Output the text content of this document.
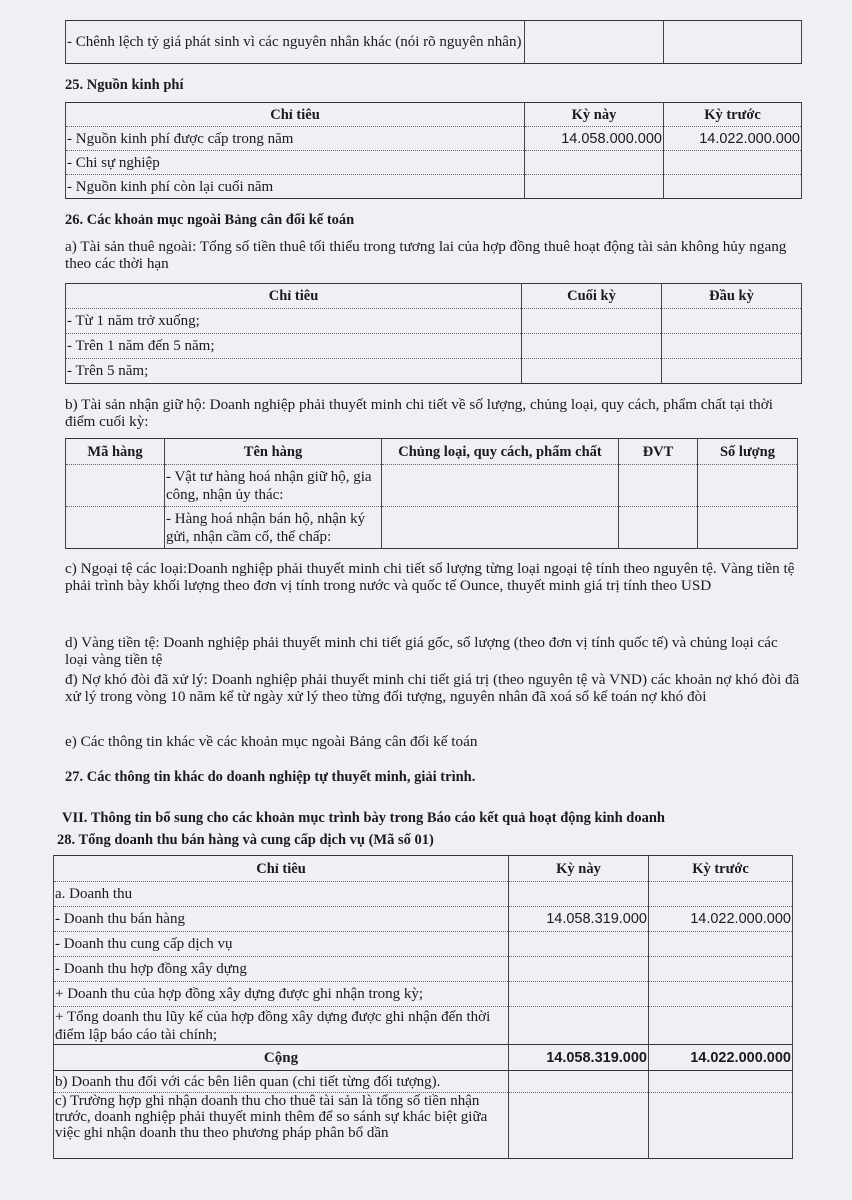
- Chênh lệch tỷ giá phát sinh vì các nguyên nhân khác (nói rõ nguyên nhân)		
25. Nguồn kinh phí
Chỉ tiêu	Kỳ này	Kỳ trước
- Nguồn kinh phí được cấp trong năm	14.058.000.000	14.022.000.000
- Chi sự nghiệp		
- Nguồn kinh phí còn lại cuối năm		
26. Các khoản mục ngoài Bảng cân đối kế toán
a) Tài sản thuê ngoài: Tổng số tiền thuê tối thiểu trong tương lai của hợp đồng thuê hoạt động tài sản không hủy ngang theo các thời hạn
Chỉ tiêu	Cuối kỳ	Đầu kỳ
- Từ 1 năm trở xuống;		
- Trên 1 năm đến 5 năm;		
- Trên 5 năm;		
b) Tài sản nhận giữ hộ: Doanh nghiệp phải thuyết minh chi tiết về số lượng, chủng loại, quy cách, phẩm chất tại thời điểm cuối kỳ:
Mã hàng	Tên hàng	Chủng loại, quy cách, phẩm chất	ĐVT	Số lượng
	- Vật tư hàng hoá nhận giữ hộ, gia công, nhận ủy thác:			
	- Hàng hoá nhận bán hộ, nhận ký gửi, nhận cầm cố, thế chấp:			
c) Ngoại tệ các loại:Doanh nghiệp phải thuyết minh chi tiết số lượng từng loại ngoại tệ tính theo nguyên tệ. Vàng tiền tệ phải trình bày khối lượng theo đơn vị tính trong nước và quốc tế Ounce, thuyết minh giá trị tính theo USD
d) Vàng tiền tệ: Doanh nghiệp phải thuyết minh chi tiết giá gốc, số lượng (theo đơn vị tính quốc tế) và chủng loại các loại vàng tiền tệ
đ) Nợ khó đòi đã xử lý: Doanh nghiệp phải thuyết minh chi tiết giá trị (theo nguyên tệ và VND) các khoản nợ khó đòi đã xử lý trong vòng 10 năm kể từ ngày xử lý theo từng đối tượng, nguyên nhân đã xoá sổ kế toán nợ khó đòi
e) Các thông tin khác về các khoản mục ngoài Bảng cân đối kế toán
27. Các thông tin khác do doanh nghiệp tự thuyết minh, giải trình.
VII. Thông tin bổ sung cho các khoản mục trình bày trong Báo cáo kết quả hoạt động kinh doanh
28. Tổng doanh thu bán hàng và cung cấp dịch vụ (Mã số 01)
Chỉ tiêu	Kỳ này	Kỳ trước
a. Doanh thu		
- Doanh thu bán hàng	14.058.319.000	14.022.000.000
- Doanh thu cung cấp dịch vụ		
- Doanh thu hợp đồng xây dựng		
+ Doanh thu của hợp đồng xây dựng được ghi nhận trong kỳ;		
+ Tổng doanh thu lũy kế của hợp đồng xây dựng được ghi nhận đến thời điểm lập báo cáo tài chính;		
Cộng	14.058.319.000	14.022.000.000
b) Doanh thu đối với các bên liên quan (chi tiết từng đối tượng).		
c) Trường hợp ghi nhận doanh thu cho thuê tài sản là tổng số tiền nhận trước, doanh nghiệp phải thuyết minh thêm để so sánh sự khác biệt giữa việc ghi nhận doanh thu theo phương pháp phân bổ dần		
